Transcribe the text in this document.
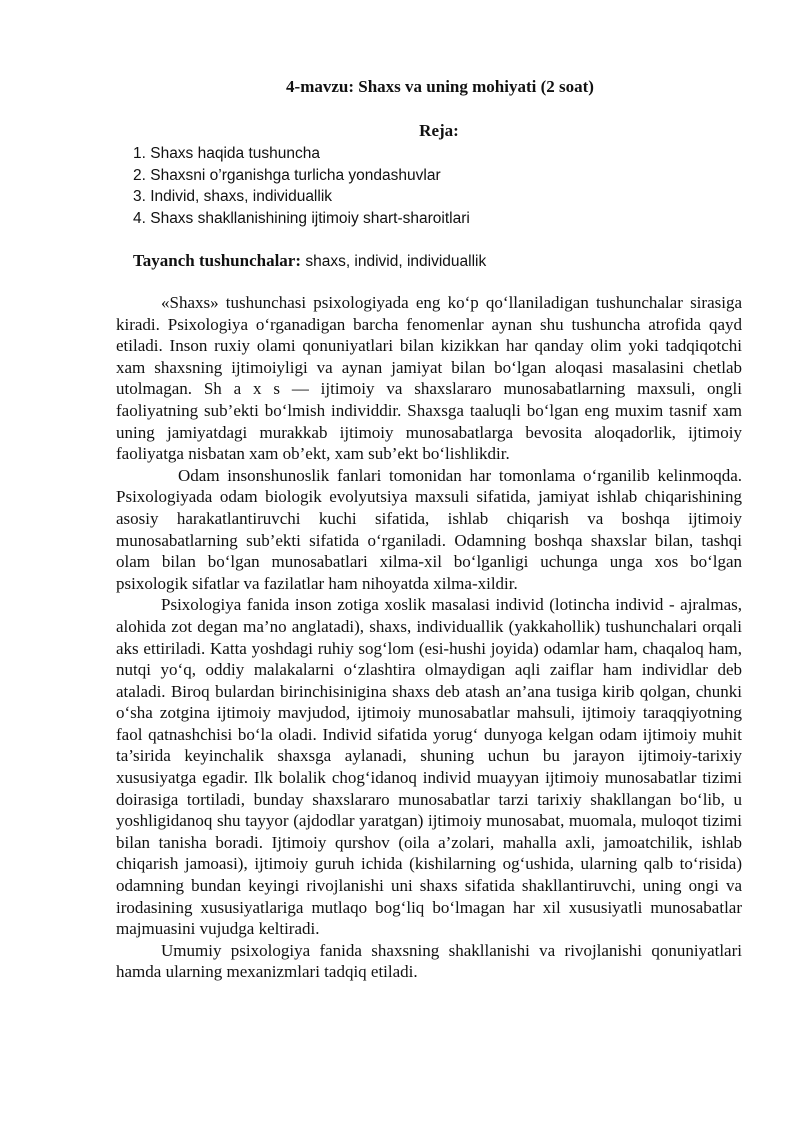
4-mavzu: Shaxs va uning mohiyati (2 soat)
Reja:
1. Shaxs haqida tushuncha
2. Shaxsni o’rganishga turlicha yondashuvlar
3. Individ, shaxs, individuallik
4. Shaxs shakllanishining ijtimoiy shart-sharoitlari
Tayanch tushunchalar: shaxs, individ, individuallik

«Shaxs» tushunchasi psixologiyada eng ko‘p qo‘llaniladigan tushunchalar sirasiga kiradi. Psixologiya o‘rganadigan barcha fenomenlar aynan shu tushuncha atrofida qayd etiladi. Inson ruxiy olami qonuniyatlari bilan kizikkan har qanday olim yoki tadqiqotchi xam shaxsning ijtimoiyligi va aynan jamiyat bilan bo‘lgan aloqasi masalasini chetlab utolmagan. Sh a x s — ijtimoiy va shaxslararo munosabatlarning maxsuli, ongli faoliyatning sub’ekti bo‘lmish individdir. Shaxsga taaluqli bo‘lgan eng muxim tasnif xam uning jamiyatdagi murakkab ijtimoiy munosabatlarga bevosita aloqadorlik, ijtimoiy faoliyatga nisbatan xam ob’ekt, xam sub’ekt bo‘lishlikdir.

Odam insonshunoslik fanlari tomonidan har tomonlama o‘rganilib kelinmoqda. Psixologiyada odam biologik evolyutsiya maxsuli sifatida, jamiyat ishlab chiqarishining asosiy harakatlantiruvchi kuchi sifatida, ishlab chiqarish va boshqa ijtimoiy munosabatlarning sub’ekti sifatida o‘rganiladi. Odamning boshqa shaxslar bilan, tashqi olam bilan bo‘lgan munosabatlari xilma-xil bo‘lganligi uchunga unga xos bo‘lgan psixologik sifatlar va fazilatlar ham nihoyatda xilma-xildir.

Psixologiya fanida inson zotiga xoslik masalasi individ (lotincha individ - ajralmas, alohida zot degan ma’no anglatadi), shaxs, individuallik (yakkahollik) tushunchalari orqali aks ettiriladi. Katta yoshdagi ruhiy sog‘lom (esi-hushi joyida) odamlar ham, chaqaloq ham, nutqi yo‘q, oddiy malakalarni o‘zlashtira olmaydigan aqli zaiflar ham individlar deb ataladi. Biroq bulardan birinchisinigina shaxs deb atash an’ana tusiga kirib qolgan, chunki o‘sha zotgina ijtimoiy mavjudod, ijtimoiy munosabatlar mahsuli, ijtimoiy taraqqiyotning faol qatnashchisi bo‘la oladi. Individ sifatida yorug‘ dunyoga kelgan odam ijtimoiy muhit ta’sirida keyinchalik shaxsga aylanadi, shuning uchun bu jarayon ijtimoiy-tarixiy xususiyatga egadir. Ilk bolalik chog‘idanoq individ muayyan ijtimoiy munosabatlar tizimi doirasiga tortiladi, bunday shaxslararo munosabatlar tarzi tarixiy shakllangan bo‘lib, u yoshligidanoq shu tayyor (ajdodlar yaratgan) ijtimoiy munosabat, muomala, muloqot tizimi bilan tanisha boradi. Ijtimoiy qurshov (oila a’zolari, mahalla axli, jamoatchilik, ishlab chiqarish jamoasi), ijtimoiy guruh ichida (kishilarning og‘ushida, ularning qalb to‘risida) odamning bundan keyingi rivojlanishi uni shaxs sifatida shakllantiruvchi, uning ongi va irodasining xususiyatlariga mutlaqo bog‘liq bo‘lmagan har xil xususiyatli munosabatlar majmuasini vujudga keltiradi.

Umumiy psixologiya fanida shaxsning shakllanishi va rivojlanishi qonuniyatlari hamda ularning mexanizmlari tadqiq etiladi.
